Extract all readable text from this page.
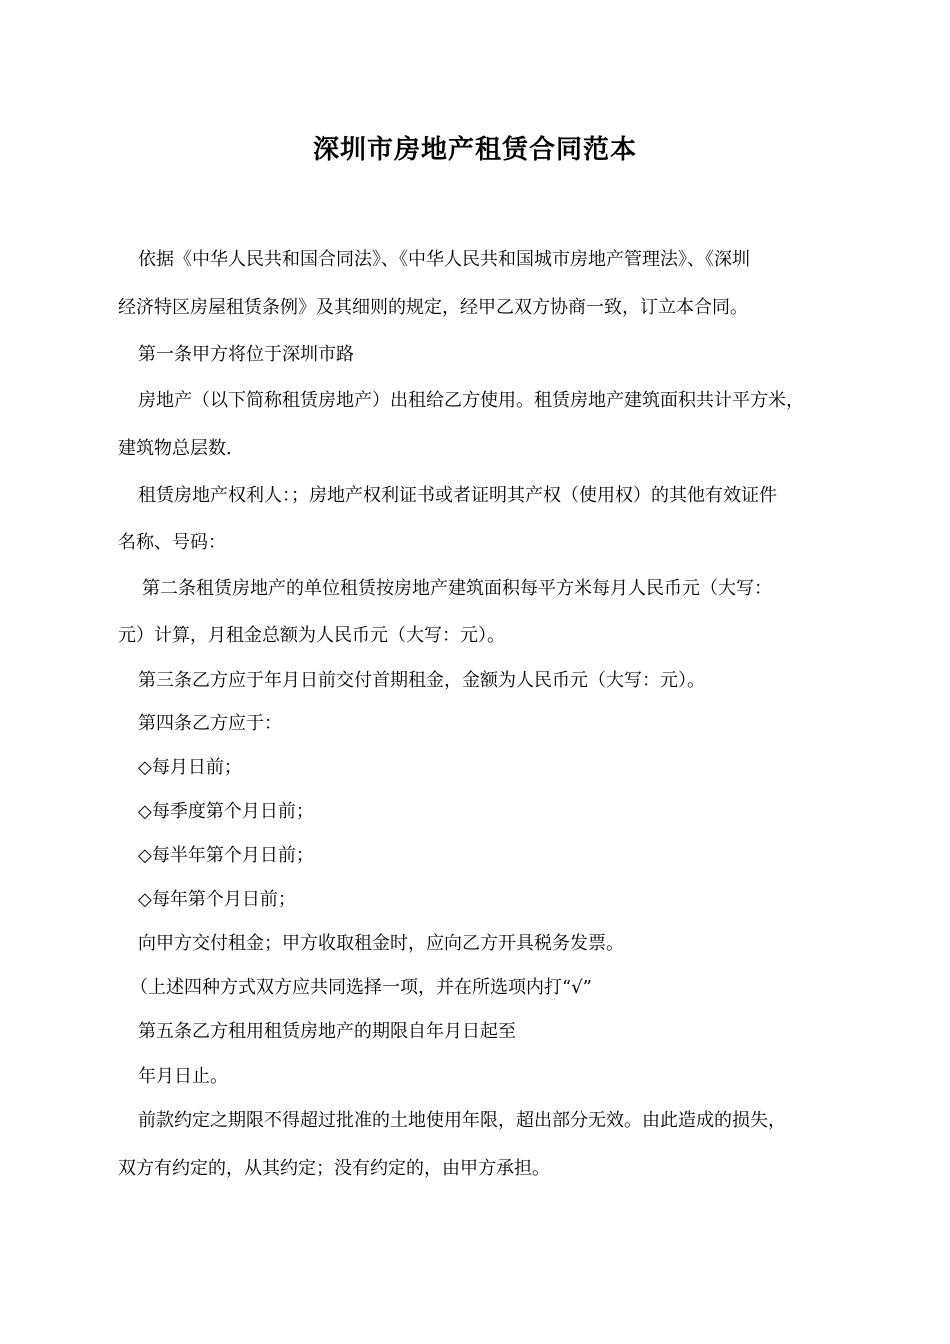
深圳市房地产租赁合同范本
依据《中华人民共和国合同法》、《中华人民共和国城市房地产管理法》、《深圳
经济特区房屋租赁条例》及其细则的规定，经甲乙双方协商一致，订立本合同。
第一条甲方将位于深圳市路
房地产（以下简称租赁房地产）出租给乙方使用。租赁房地产建筑面积共计平方米，
建筑物总层数.
租赁房地产权利人：；房地产权利证书或者证明其产权（使用权）的其他有效证件
名称、号码：
第二条租赁房地产的单位租赁按房地产建筑面积每平方米每月人民币元（大写：
元）计算，月租金总额为人民币元（大写：元）。
第三条乙方应于年月日前交付首期租金，金额为人民币元（大写：元）。
第四条乙方应于：
◇每月日前；
◇每季度第个月日前；
◇每半年第个月日前；
◇每年第个月日前；
向甲方交付租金；甲方收取租金时，应向乙方开具税务发票。
（上述四种方式双方应共同选择一项，并在所选项内打“√”
第五条乙方租用租赁房地产的期限自年月日起至
年月日止。
前款约定之期限不得超过批准的土地使用年限，超出部分无效。由此造成的损失，
双方有约定的，从其约定；没有约定的，由甲方承担。
